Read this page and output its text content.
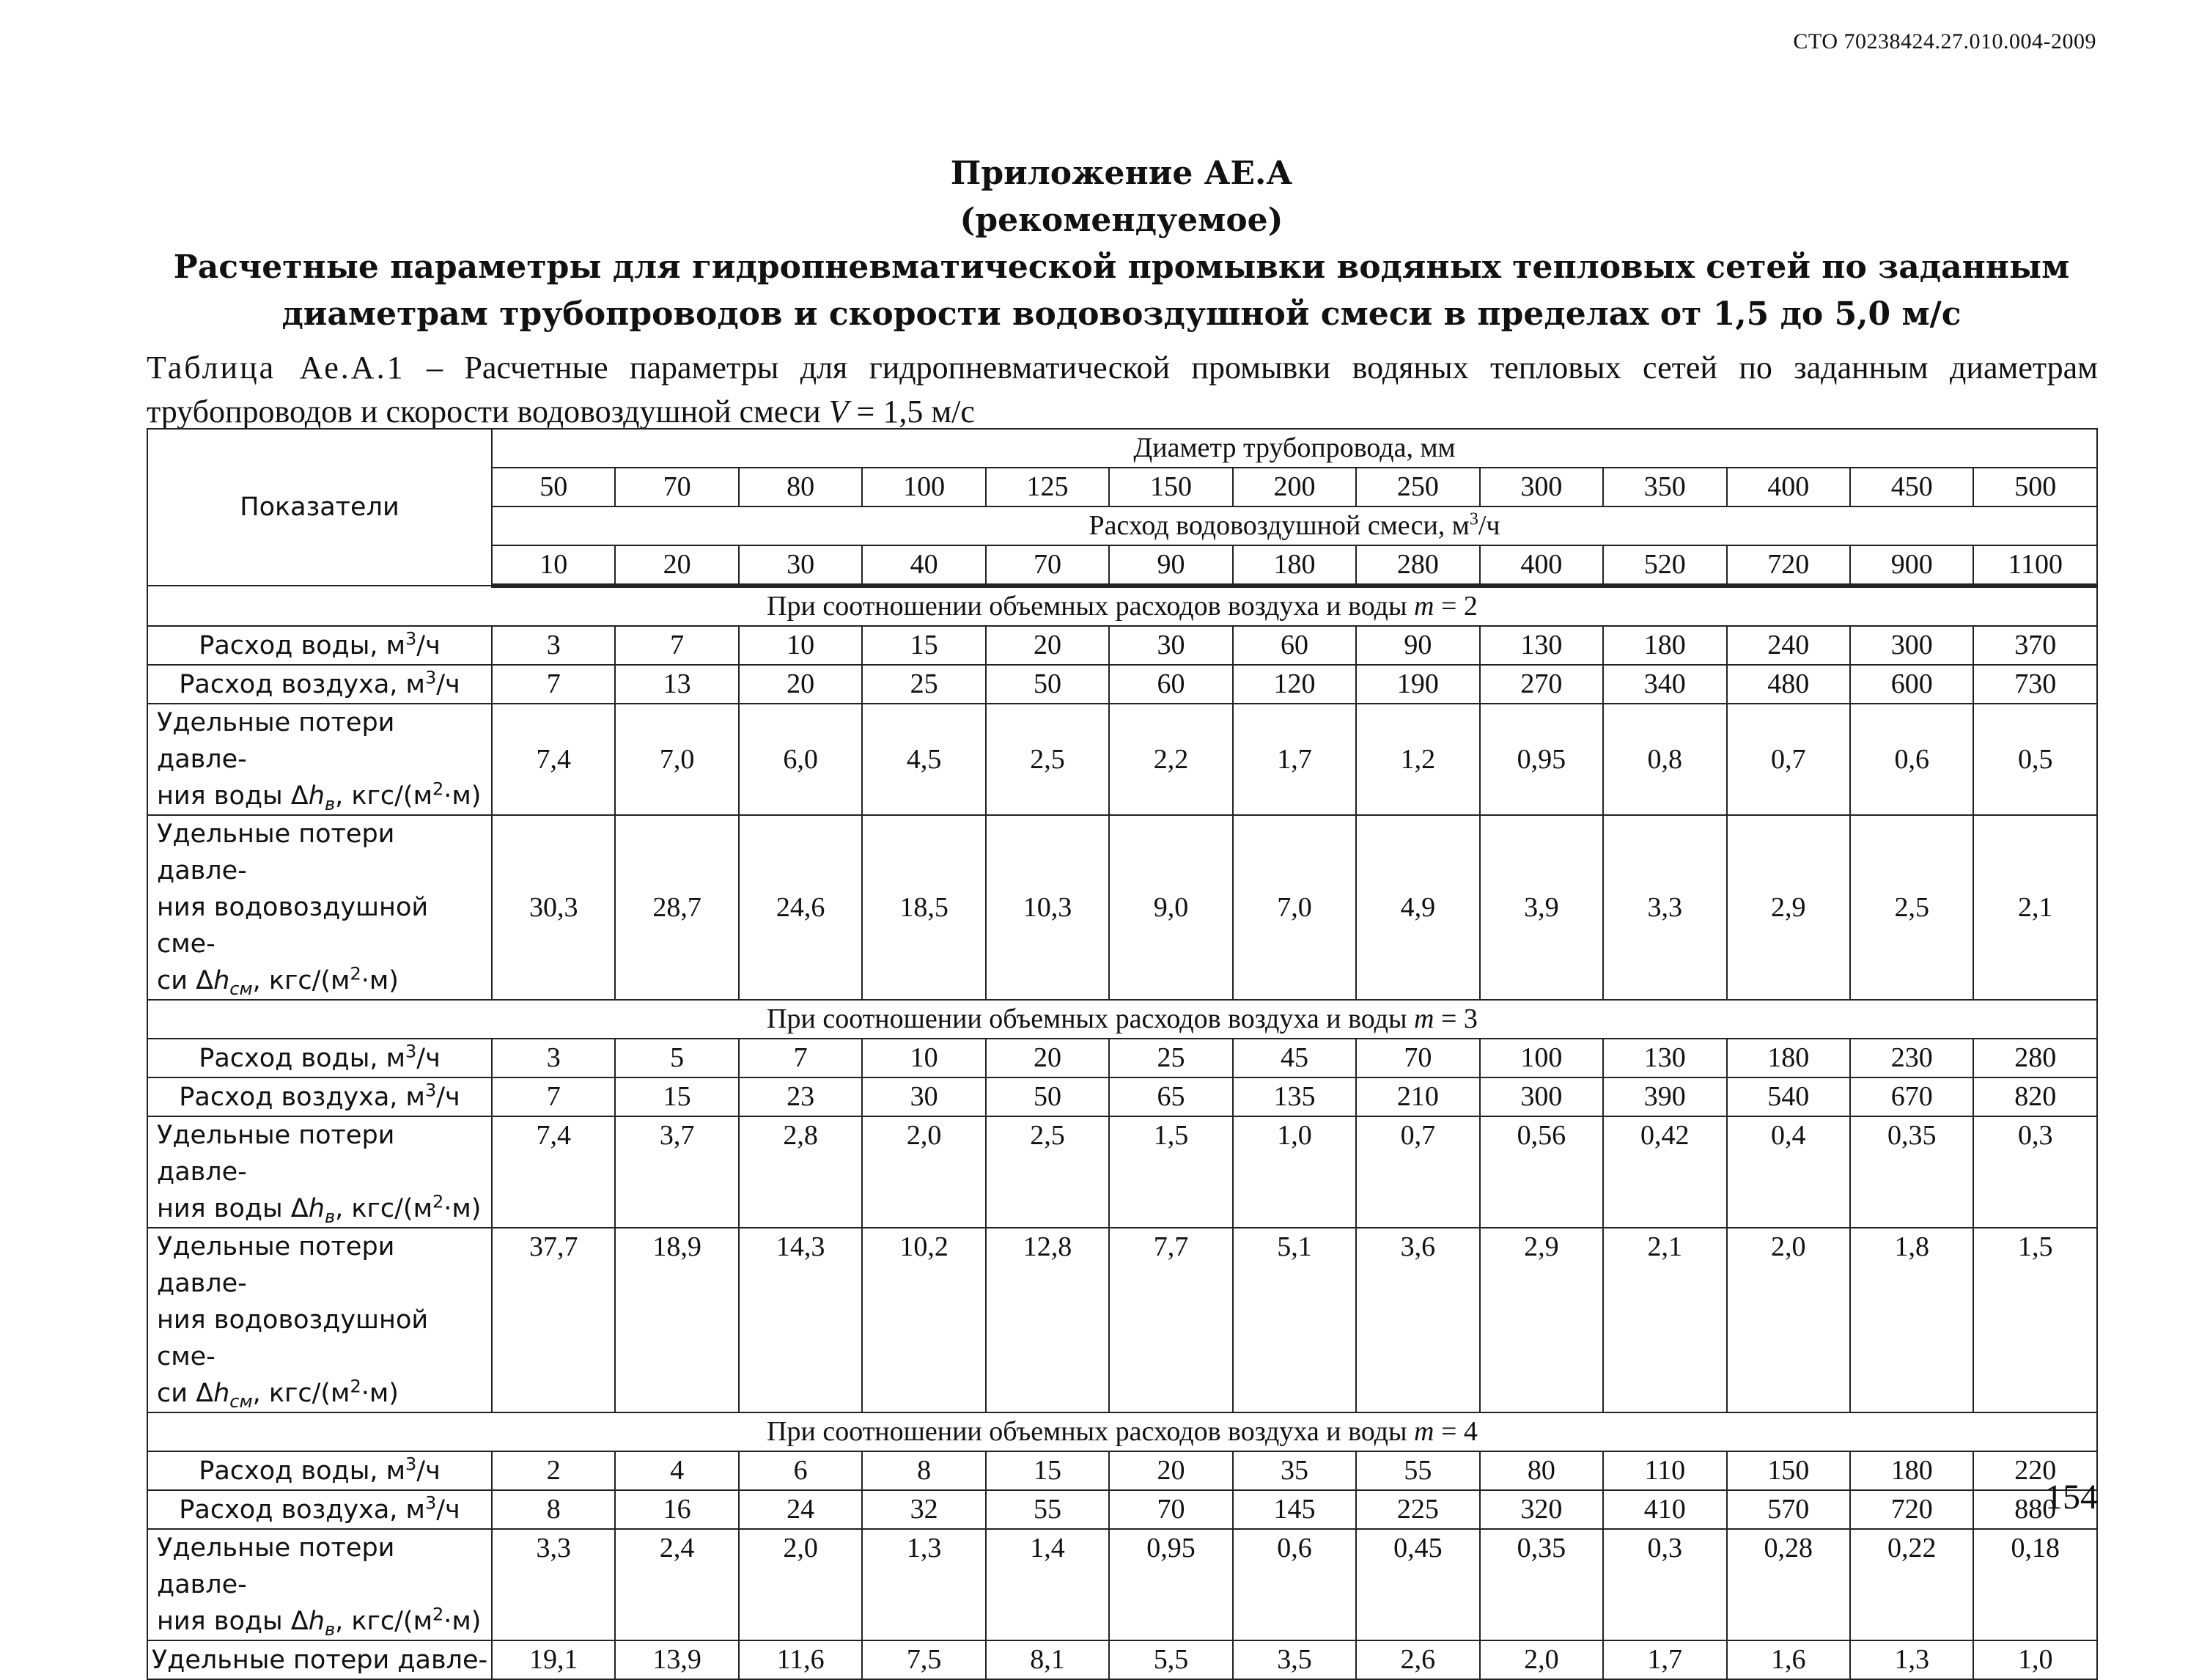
СТО 70238424.27.010.004-2009
Приложение АЕ.А
(рекомендуемое)
Расчетные параметры для гидропневматической промывки водяных тепловых сетей по заданным
диаметрам трубопроводов и скорости водовоздушной смеси в пределах от 1,5 до 5,0 м/с
Таблица Ае.А.1 – Расчетные параметры для гидропневматической промывки водяных тепловых сетей по заданным диаметрам трубопроводов и скорости водовоздушной смеси V = 1,5 м/с
Показатели	Диаметр трубопровода, мм												
	50	70	80	100	125	150	200	250	300	350	400	450	500
	Расход водовоздушной смеси, $м^3/ч$												
	10	20	30	40	70	90	180	280	400	520	720	900	1100
При соотношении объемных расходов воздуха и воды m = 2													
Расход воды, $м^3/ч$	3	7	10	15	20	30	60	90	130	180	240	300	370
Расход воздуха, $м^3/ч$	7	13	20	25	50	60	120	190	270	340	480	600	730
Удельные потери давле-
ния воды $\Delta h_в$, кгс/$(м^2\cdot м)$	7,4	7,0	6,0	4,5	2,5	2,2	1,7	1,2	0,95	0,8	0,7	0,6	0,5
Удельные потери давле-
ния водовоздушной сме-
си $\Delta h_{см}$, кгс/$(м^2\cdot м)$	30,3	28,7	24,6	18,5	10,3	9,0	7,0	4,9	3,9	3,3	2,9	2,5	2,1
При соотношении объемных расходов воздуха и воды m = 3													
Расход воды, $м^3/ч$	3	5	7	10	20	25	45	70	100	130	180	230	280
Расход воздуха, $м^3/ч$	7	15	23	30	50	65	135	210	300	390	540	670	820
Удельные потери давле-
ния воды $\Delta h_в$, кгс/$(м^2\cdot м)$	7,4	3,7	2,8	2,0	2,5	1,5	1,0	0,7	0,56	0,42	0,4	0,35	0,3
Удельные потери давле-
ния водовоздушной сме-
си $\Delta h_{см}$, кгс/$(м^2\cdot м)$	37,7	18,9	14,3	10,2	12,8	7,7	5,1	3,6	2,9	2,1	2,0	1,8	1,5
При соотношении объемных расходов воздуха и воды m = 4													
Расход воды, $м^3/ч$	2	4	6	8	15	20	35	55	80	110	150	180	220
Расход воздуха, $м^3/ч$	8	16	24	32	55	70	145	225	320	410	570	720	880
Удельные потери давле-
ния воды $\Delta h_в$, кгс/$(м^2\cdot м)$	3,3	2,4	2,0	1,3	1,4	0,95	0,6	0,45	0,35	0,3	0,28	0,22	0,18
Удельные потери давле-	19,1	13,9	11,6	7,5	8,1	5,5	3,5	2,6	2,0	1,7	1,6	1,3	1,0
154
